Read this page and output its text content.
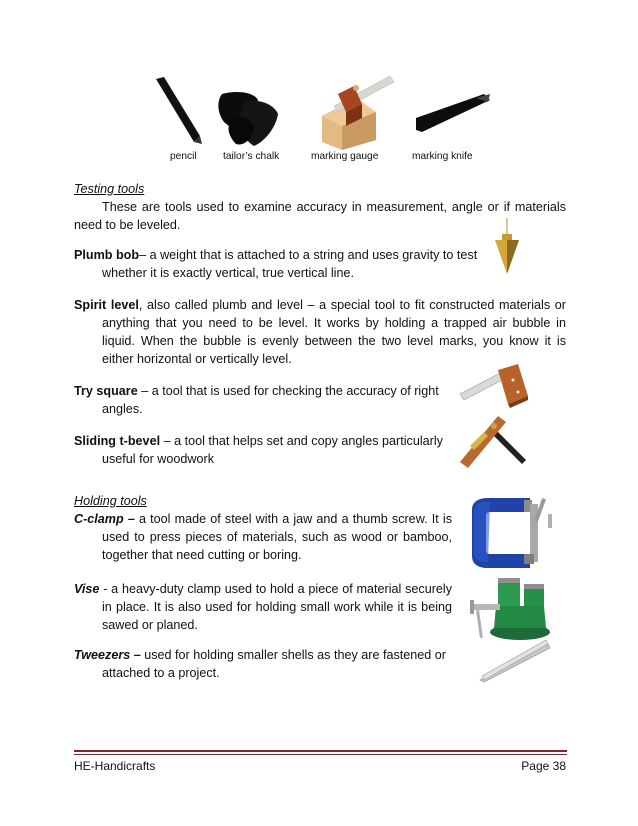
pencil	tailor’s chalk	marking gauge	marking knife
Testing tools
These are tools used to examine accuracy in measurement, angle or if materials need to be leveled.
Plumb bob– a weight that is attached to a string and uses gravity to test whether it is exactly vertical, true vertical line.
Spirit level, also called plumb and level – a special tool to fit constructed materials or anything that you need to be level. It works by holding a trapped air bubble in liquid. When the bubble is evenly between the two level marks, you know it is either horizontal or vertically level.
Try square – a tool that is used for checking the accuracy of right angles.
Sliding t-bevel – a tool that helps set and copy angles particularly useful for woodwork
Holding tools
C-clamp – a tool made of steel with a jaw and a thumb screw. It is used to press pieces of materials, such as wood or bamboo, together that need cutting or boring.
Vise - a heavy-duty clamp used to hold a piece of material securely in place. It is also used for holding small work while it is being sawed or planed.
Tweezers – used for holding smaller shells as they are fastened or attached to a project.
HE-Handicrafts	Page 38
